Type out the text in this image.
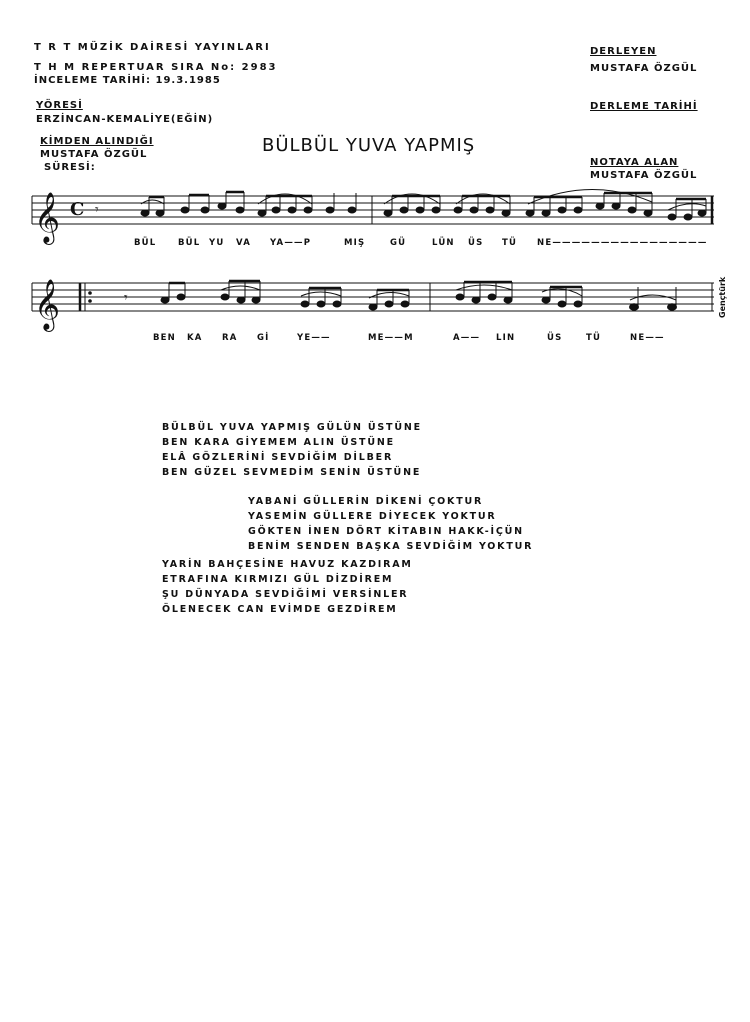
T R T MÜZİK DAİRESİ YAYINLARI
T H M REPERTUAR SIRA No: 2983
İNCELEME TARİHİ: 19.3.1985
YÖRESİ
ERZİNCAN-KEMALİYE(EĞİN)
KİMDEN ALINDIĞI
MUSTAFA ÖZGÜL
SÜRESİ:
DERLEYEN
MUSTAFA ÖZGÜL
DERLEME TARİHİ
NOTAYA ALAN
MUSTAFA ÖZGÜL
BÜLBÜL YUVA YAPMIŞ
𝄞
𝄞
C 𝄾
𝄾
BÜL	BÜL YU VA YA——P	MIŞ	GÜ	LÜN ÜS TÜ NE————————————————
BEN KA RA Gİ	YE——	ME——M	A—— LIN	ÜS	TÜ	NE——
Gençtürk
BÜLBÜL YUVA YAPMIŞ GÜLÜN ÜSTÜNE
BEN KARA GİYEMEM ALIN ÜSTÜNE
ELÂ GÖZLERİNİ SEVDİĞİM DİLBER
BEN GÜZEL SEVMEDİM SENİN ÜSTÜNE
YABANİ GÜLLERİN DİKENİ ÇOKTUR
YASEMİN GÜLLERE DİYECEK YOKTUR
GÖKTEN İNEN DÖRT KİTABIN HAKK-İÇÜN
BENİM SENDEN BAŞKA SEVDİĞİM YOKTUR
YARİN BAHÇESİNE HAVUZ KAZDIRAM
ETRAFINA KIRMIZI GÜL DİZDİREM
ŞU DÜNYADA SEVDİĞİMİ VERSİNLER
ÖLENECEK CAN EVİMDE GEZDİREM
